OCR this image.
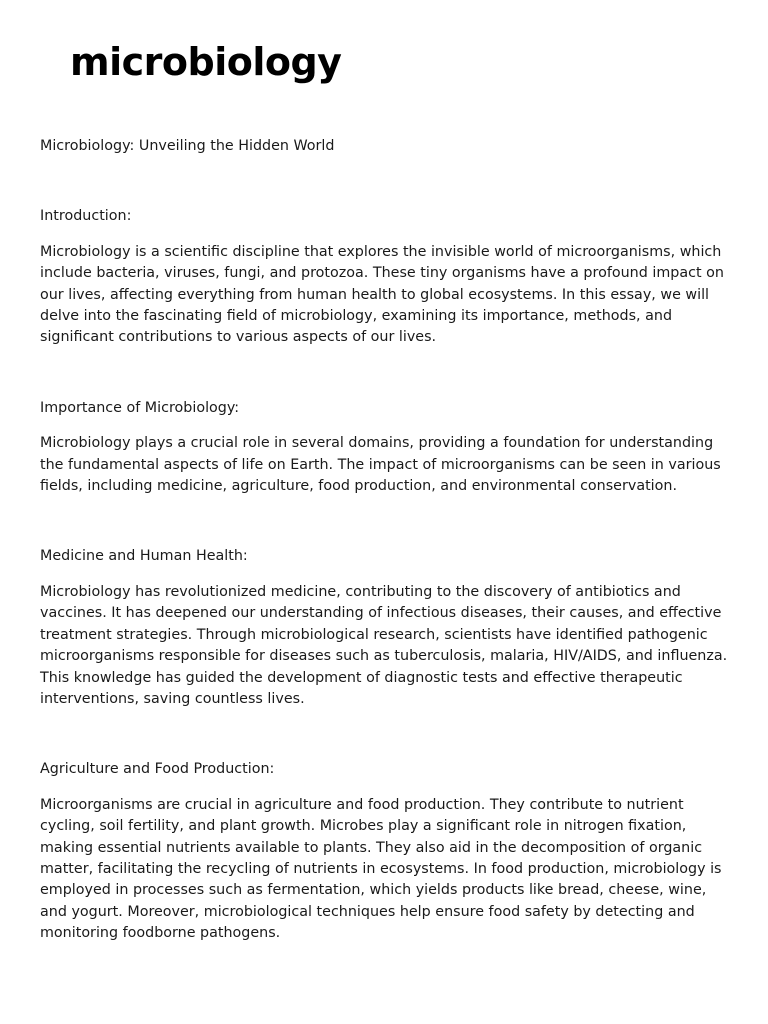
microbiology

Microbiology: Unveiling the Hidden World

Introduction:

Microbiology is a scientific discipline that explores the invisible world of microorganisms, which include bacteria, viruses, fungi, and protozoa. These tiny organisms have a profound impact on our lives, affecting everything from human health to global ecosystems. In this essay, we will delve into the fascinating field of microbiology, examining its importance, methods, and significant contributions to various aspects of our lives.

Importance of Microbiology:

Microbiology plays a crucial role in several domains, providing a foundation for understanding the fundamental aspects of life on Earth. The impact of microorganisms can be seen in various fields, including medicine, agriculture, food production, and environmental conservation.

Medicine and Human Health:

Microbiology has revolutionized medicine, contributing to the discovery of antibiotics and vaccines. It has deepened our understanding of infectious diseases, their causes, and effective treatment strategies. Through microbiological research, scientists have identified pathogenic microorganisms responsible for diseases such as tuberculosis, malaria, HIV/AIDS, and influenza. This knowledge has guided the development of diagnostic tests and effective therapeutic interventions, saving countless lives.

Agriculture and Food Production:

Microorganisms are crucial in agriculture and food production. They contribute to nutrient cycling, soil fertility, and plant growth. Microbes play a significant role in nitrogen fixation, making essential nutrients available to plants. They also aid in the decomposition of organic matter, facilitating the recycling of nutrients in ecosystems. In food production, microbiology is employed in processes such as fermentation, which yields products like bread, cheese, wine, and yogurt. Moreover, microbiological techniques help ensure food safety by detecting and monitoring foodborne pathogens.
